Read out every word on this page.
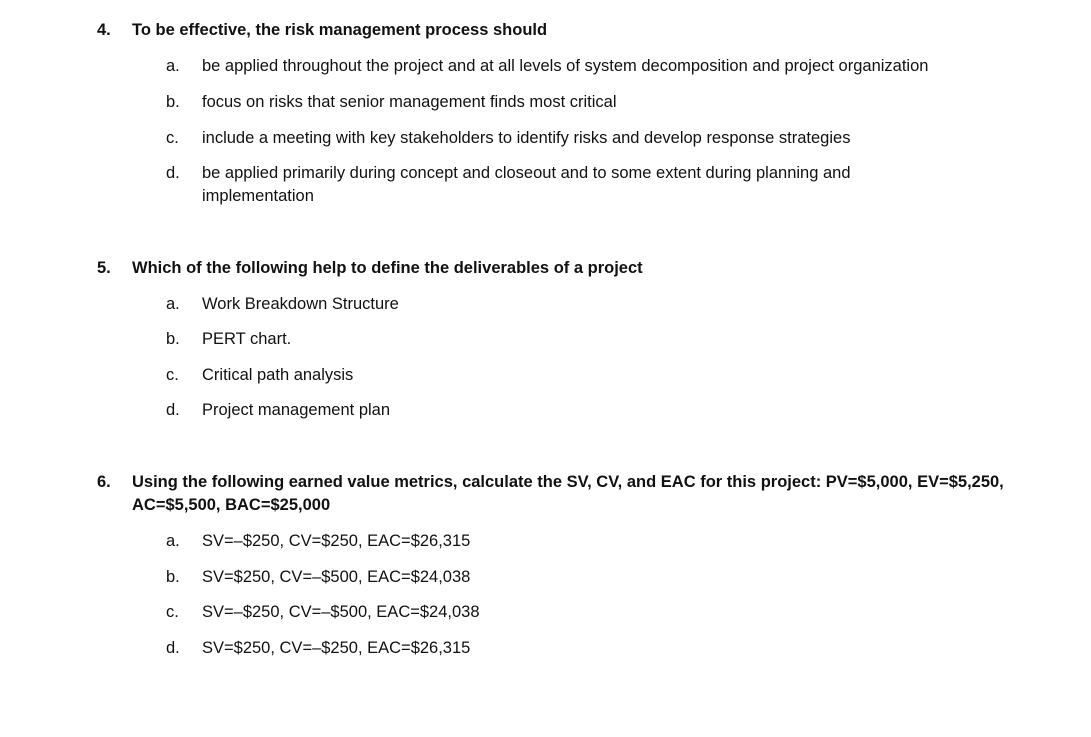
4. To be effective, the risk management process should
a.	be applied throughout the project and at all levels of system decomposition and project organization
b.	focus on risks that senior management finds most critical
c.	include a meeting with key stakeholders to identify risks and develop response strategies
d.	be applied primarily during concept and closeout and to some extent during planning and implementation
5. Which of the following help to define the deliverables of a project
a.	Work Breakdown Structure
b.	PERT chart.
c.	Critical path analysis
d.	Project management plan
6. Using the following earned value metrics, calculate the SV, CV, and EAC for this project: PV=$5,000, EV=$5,250, AC=$5,500, BAC=$25,000
a.	SV=–$250, CV=$250, EAC=$26,315
b.	SV=$250, CV=–$500, EAC=$24,038
c.	SV=–$250, CV=–$500, EAC=$24,038
d.	SV=$250, CV=–$250, EAC=$26,315
